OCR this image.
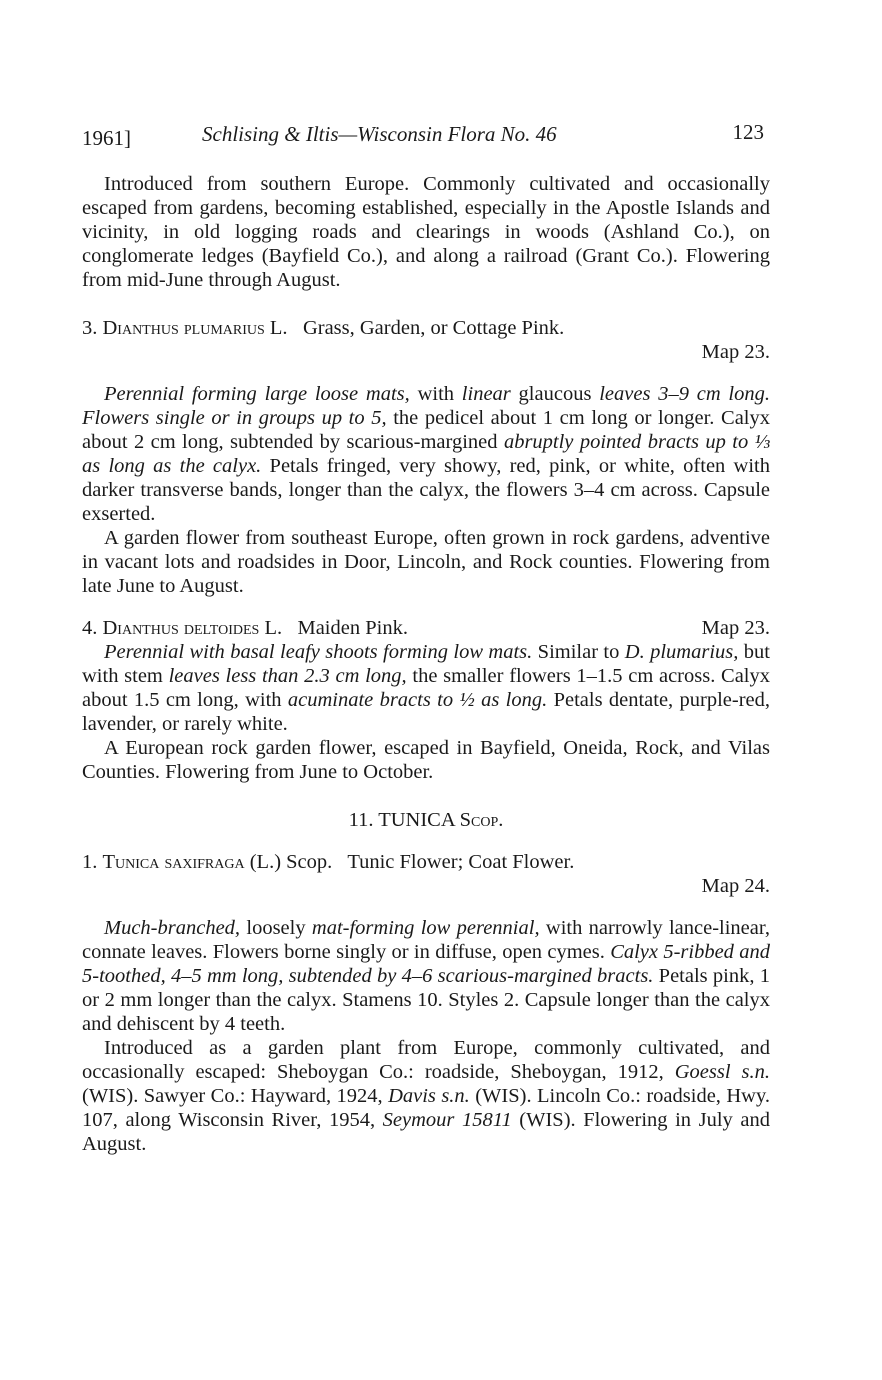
1961]	Schlising & Iltis—Wisconsin Flora No. 46	123

Introduced from southern Europe. Commonly cultivated and occasionally escaped from gardens, becoming established, especially in the Apostle Islands and vicinity, in old logging roads and clearings in woods (Ashland Co.), on conglomerate ledges (Bayfield Co.), and along a railroad (Grant Co.). Flowering from mid-June through August.

3. Dianthus plumarius L. Grass, Garden, or Cottage Pink.
Map 23.

Perennial forming large loose mats, with linear glaucous leaves 3–9 cm long. Flowers single or in groups up to 5, the pedicel about 1 cm long or longer. Calyx about 2 cm long, subtended by scarious-margined abruptly pointed bracts up to ⅓ as long as the calyx. Petals fringed, very showy, red, pink, or white, often with darker transverse bands, longer than the calyx, the flowers 3–4 cm across. Capsule exserted.

A garden flower from southeast Europe, often grown in rock gardens, adventive in vacant lots and roadsides in Door, Lincoln, and Rock counties. Flowering from late June to August.

4. Dianthus deltoides L. Maiden Pink.	Map 23.

Perennial with basal leafy shoots forming low mats. Similar to D. plumarius, but with stem leaves less than 2.3 cm long, the smaller flowers 1–1.5 cm across. Calyx about 1.5 cm long, with acuminate bracts to ½ as long. Petals dentate, purple-red, lavender, or rarely white.

A European rock garden flower, escaped in Bayfield, Oneida, Rock, and Vilas Counties. Flowering from June to October.

11. TUNICA Scop.
1. Tunica saxifraga (L.) Scop. Tunic Flower; Coat Flower.
Map 24.

Much-branched, loosely mat-forming low perennial, with narrowly lance-linear, connate leaves. Flowers borne singly or in diffuse, open cymes. Calyx 5-ribbed and 5-toothed, 4–5 mm long, subtended by 4–6 scarious-margined bracts. Petals pink, 1 or 2 mm longer than the calyx. Stamens 10. Styles 2. Capsule longer than the calyx and dehiscent by 4 teeth.

Introduced as a garden plant from Europe, commonly cultivated, and occasionally escaped: Sheboygan Co.: roadside, Sheboygan, 1912, Goessl s.n. (WIS). Sawyer Co.: Hayward, 1924, Davis s.n. (WIS). Lincoln Co.: roadside, Hwy. 107, along Wisconsin River, 1954, Seymour 15811 (WIS). Flowering in July and August.
